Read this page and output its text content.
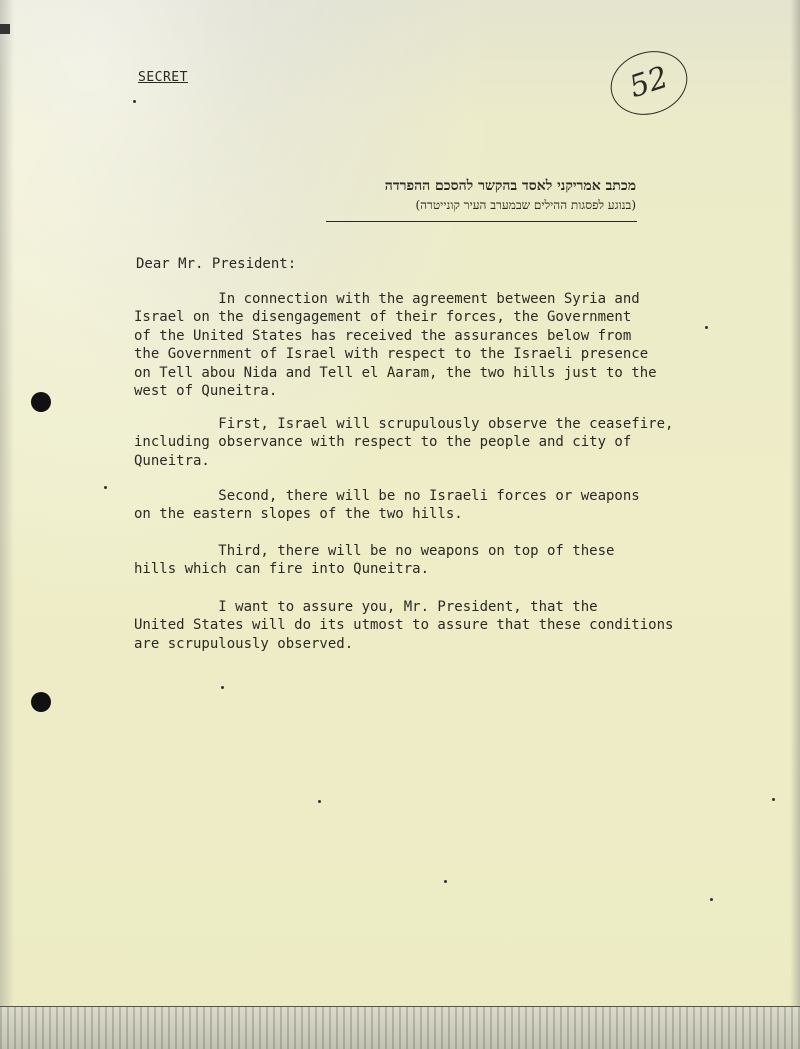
SECRET	52
מכתב אמריקני לאסד בהקשר להסכם ההפרדה
(בנוגע לפסגות ההילים שבמערב העיר קונייטרה)
Dear Mr. President:

In connection with the agreement between Syria and
Israel on the disengagement of their forces, the Government
of the United States has received the assurances below from
the Government of Israel with respect to the Israeli presence
on Tell abou Nida and Tell el Aaram, the two hills just to the
west of Quneitra.

First, Israel will scrupulously observe the ceasefire,
including observance with respect to the people and city of
Quneitra.

Second, there will be no Israeli forces or weapons
on the eastern slopes of the two hills.

Third, there will be no weapons on top of these
hills which can fire into Quneitra.

I want to assure you, Mr. President, that the
United States will do its utmost to assure that these conditions
are scrupulously observed.
